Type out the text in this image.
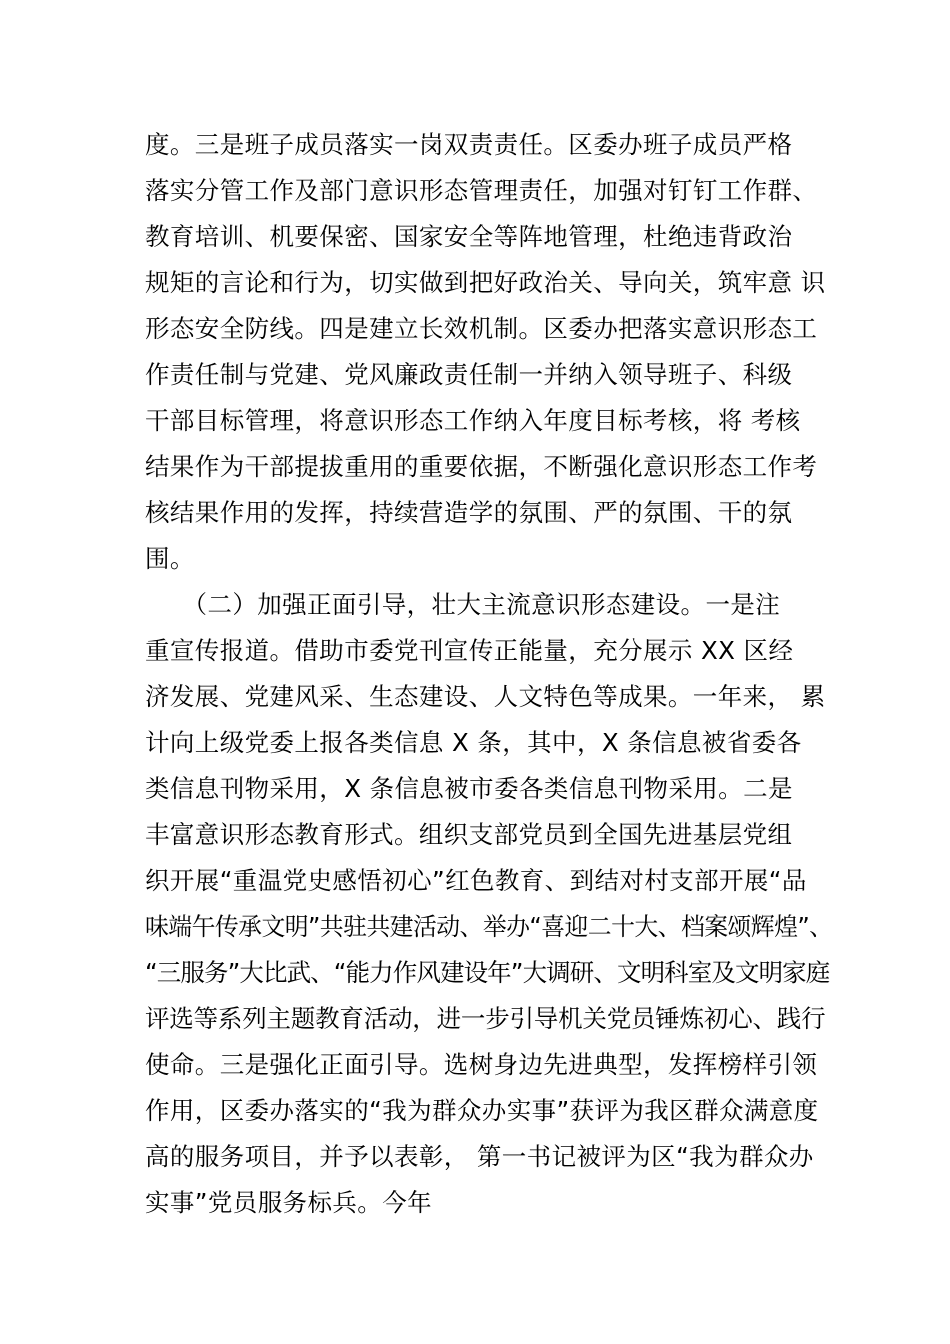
度。三是班子成员落实一岗双责责任。区委办班子成员严格
落实分管工作及部门意识形态管理责任，加强对钉钉工作群、
教育培训、机要保密、国家安全等阵地管理，杜绝违背政治
规矩的言论和行为，切实做到把好政治关、导向关，筑牢意 识
形态安全防线。四是建立长效机制。区委办把落实意识形态工
作责任制与党建、党风廉政责任制一并纳入领导班子、科级
干部目标管理，将意识形态工作纳入年度目标考核，将 考核
结果作为干部提拔重用的重要依据，不断强化意识形态工作考
核结果作用的发挥，持续营造学的氛围、严的氛围、干的氛
围。
　　（二）加强正面引导，壮大主流意识形态建设。一是注
重宣传报道。借助市委党刊宣传正能量，充分展示 XX 区经
济发展、党建风采、生态建设、人文特色等成果。一年来， 累
计向上级党委上报各类信息 X 条，其中，X 条信息被省委各
类信息刊物采用，X 条信息被市委各类信息刊物采用。二是
丰富意识形态教育形式。组织支部党员到全国先进基层党组
织开展“重温党史感悟初心”红色教育、到结对村支部开展“品
味端午传承文明”共驻共建活动、举办“喜迎二十大、档案颂辉煌”、
“三服务”大比武、“能力作风建设年”大调研、文明科室及文明家庭
评选等系列主题教育活动，进一步引导机关党员锤炼初心、践行
使命。三是强化正面引导。选树身边先进典型，发挥榜样引领
作用，区委办落实的“我为群众办实事”获评为我区群众满意度
高的服务项目，并予以表彰， 第一书记被评为区“我为群众办
实事”党员服务标兵。今年
